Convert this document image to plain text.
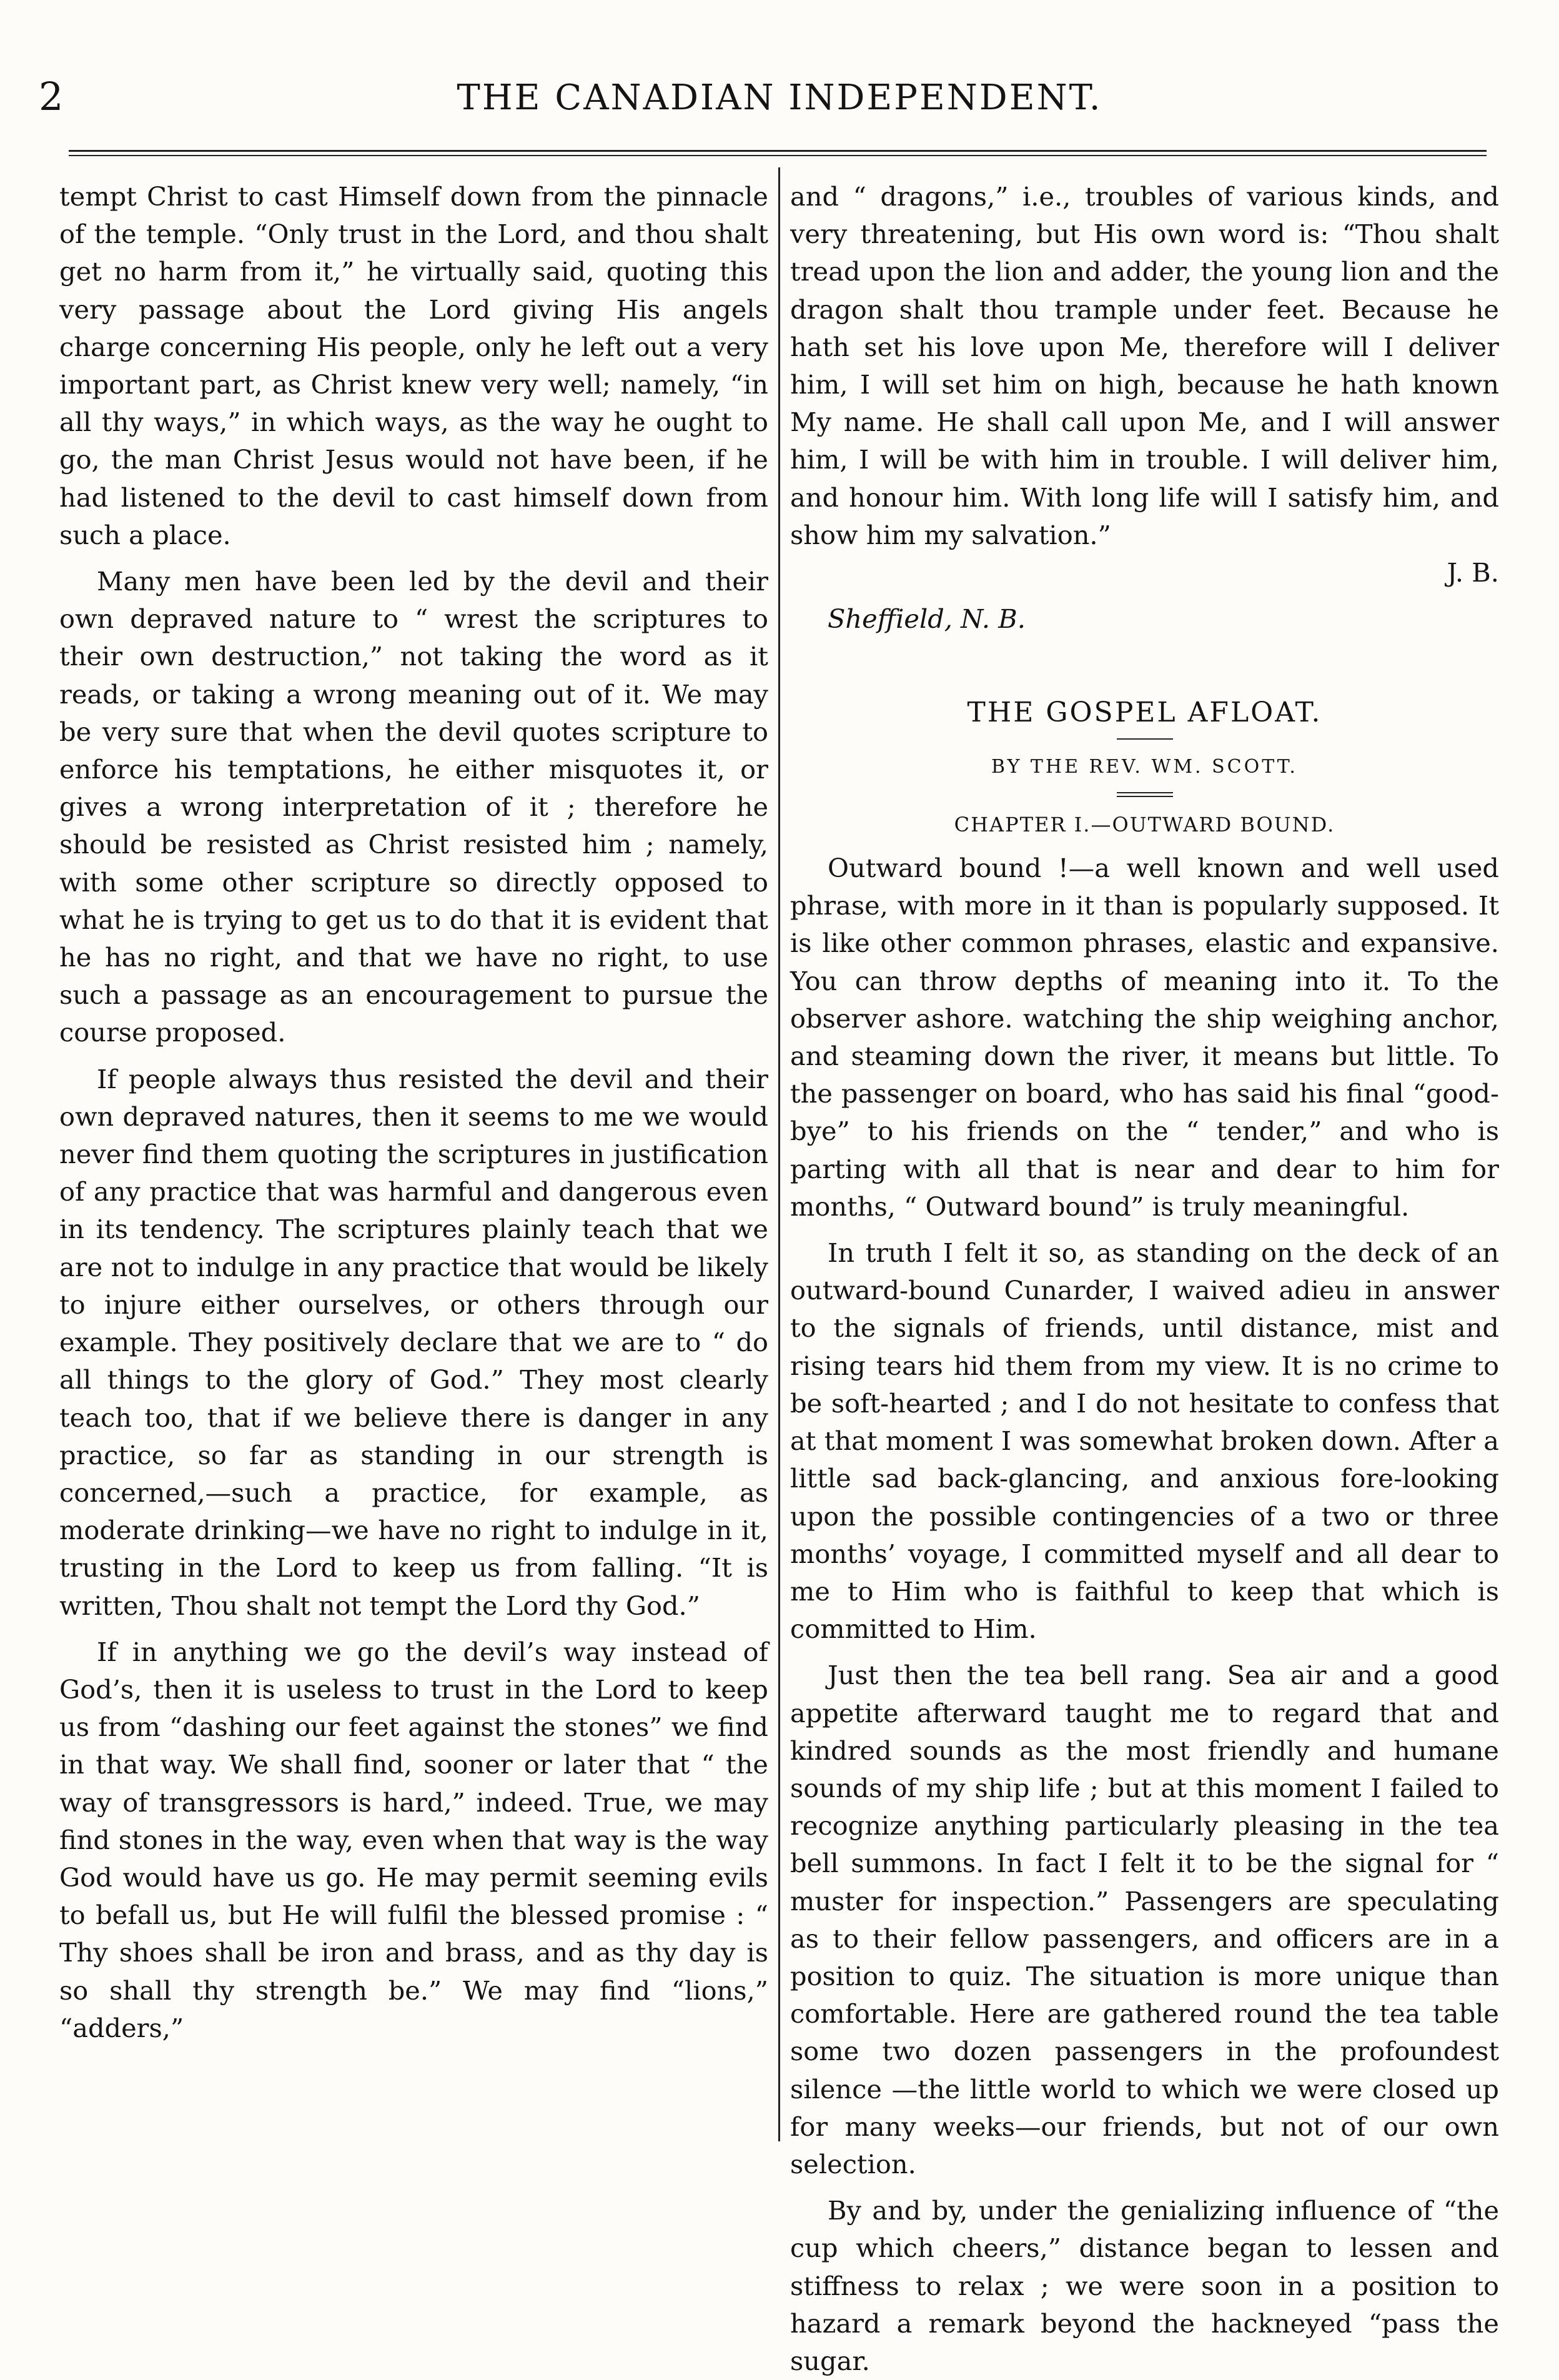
2	THE CANADIAN INDEPENDENT.

tempt Christ to cast Himself down from the pinnacle of the temple. “Only trust in the Lord, and thou shalt get no harm from it,” he virtually said, quoting this very passage about the Lord giving His angels charge concerning His people, only he left out a very important part, as Christ knew very well; namely, “in all thy ways,” in which ways, as the way he ought to go, the man Christ Jesus would not have been, if he had listened to the devil to cast himself down from such a place.

Many men have been led by the devil and their own depraved nature to “ wrest the scriptures to their own destruction,” not taking the word as it reads, or taking a wrong meaning out of it. We may be very sure that when the devil quotes scripture to enforce his temptations, he either misquotes it, or gives a wrong interpretation of it ; therefore he should be resisted as Christ resisted him ; namely, with some other scripture so directly opposed to what he is trying to get us to do that it is evident that he has no right, and that we have no right, to use such a passage as an encouragement to pursue the course proposed.

If people always thus resisted the devil and their own depraved natures, then it seems to me we would never find them quoting the scriptures in justification of any practice that was harmful and dangerous even in its tendency. The scriptures plainly teach that we are not to indulge in any practice that would be likely to injure either ourselves, or others through our example. They positively declare that we are to “ do all things to the glory of God.” They most clearly teach too, that if we believe there is danger in any practice, so far as standing in our strength is concerned,—such a practice, for example, as moderate drinking—we have no right to indulge in it, trusting in the Lord to keep us from falling. “It is written, Thou shalt not tempt the Lord thy God.”

If in anything we go the devil’s way instead of God’s, then it is useless to trust in the Lord to keep us from “dashing our feet against the stones” we find in that way. We shall find, sooner or later that “ the way of transgressors is hard,” indeed. True, we may find stones in the way, even when that way is the way God would have us go. He may permit seeming evils to befall us, but He will fulfil the blessed promise : “ Thy shoes shall be iron and brass, and as thy day is so shall thy strength be.” We may find “lions,” “adders,”

and “ dragons,” i.e., troubles of various kinds, and very threatening, but His own word is: “Thou shalt tread upon the lion and adder, the young lion and the dragon shalt thou trample under feet. Because he hath set his love upon Me, therefore will I deliver him, I will set him on high, because he hath known My name. He shall call upon Me, and I will answer him, I will be with him in trouble. I will deliver him, and honour him. With long life will I satisfy him, and show him my salvation.”

J. B.

Sheffield, N. B.

THE GOSPEL AFLOAT.
BY THE REV. WM. SCOTT.
CHAPTER I.—OUTWARD BOUND.

Outward bound !—a well known and well used phrase, with more in it than is popularly supposed. It is like other common phrases, elastic and expansive. You can throw depths of meaning into it. To the observer ashore. watching the ship weighing anchor, and steaming down the river, it means but little. To the passenger on board, who has said his final “good-bye” to his friends on the “ tender,” and who is parting with all that is near and dear to him for months, “ Outward bound” is truly meaningful.

In truth I felt it so, as standing on the deck of an outward-bound Cunarder, I waived adieu in answer to the signals of friends, until distance, mist and rising tears hid them from my view. It is no crime to be soft-hearted ; and I do not hesitate to confess that at that moment I was somewhat broken down. After a little sad back-glancing, and anxious fore-looking upon the possible contingencies of a two or three months’ voyage, I committed myself and all dear to me to Him who is faithful to keep that which is committed to Him.

Just then the tea bell rang. Sea air and a good appetite afterward taught me to regard that and kindred sounds as the most friendly and humane sounds of my ship life ; but at this moment I failed to recognize anything particularly pleasing in the tea bell summons. In fact I felt it to be the signal for “ muster for inspection.” Passengers are speculating as to their fellow passengers, and officers are in a position to quiz. The situation is more unique than comfortable. Here are gathered round the tea table some two dozen passengers in the profoundest silence —the little world to which we were closed up for many weeks—our friends, but not of our own selection.

By and by, under the genializing influence of “the cup which cheers,” distance began to lessen and stiffness to relax ; we were soon in a position to hazard a remark beyond the hackneyed “pass the sugar.
